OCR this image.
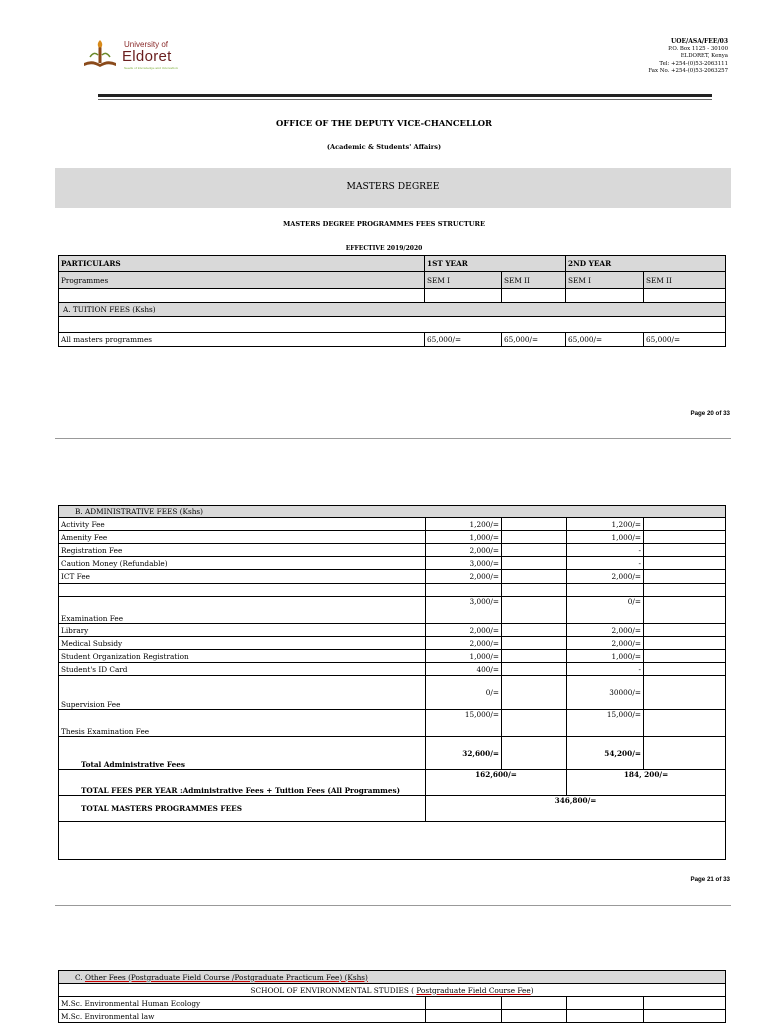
University of
Eldoret
Seeds of knowledge and innovation
UOE/ASA/FEE/03
P.O. Box 1125 - 30100
ELDORET, Kenya
Tel: +254-(0)53-2063111
Fax No. +254-(0)53-2063257
OFFICE OF THE DEPUTY VICE-CHANCELLOR
(Academic & Students' Affairs)
MASTERS DEGREE
MASTERS DEGREE PROGRAMMES FEES STRUCTURE
EFFECTIVE 2019/2020
PARTICULARS	1ST YEAR		2ND YEAR	
Programmes	SEM I	SEM II	SEM I	SEM II

A. TUITION FEES (Kshs)				

All masters programmes	65,000/=	65,000/=	65,000/=	65,000/=
Page 20 of 33
B. ADMINISTRATIVE FEES (Kshs)				
Activity Fee	1,200/=		1,200/=	
Amenity Fee	1,000/=		1,000/=	
Registration Fee	2,000/=		-	
Caution Money (Refundable)	3,000/=		-	
ICT Fee	2,000/=		2,000/=	

Examination Fee	3,000/=		0/=	
Library	2,000/=		2,000/=	
Medical Subsidy	2,000/=		2,000/=	
Student Organization Registration	1,000/=		1,000/=	
Student's ID Card	400/=		-	
Supervision Fee	0/=		30000/=	
Thesis Examination Fee	15,000/=		15,000/=	
Total Administrative Fees	32,600/=		54,200/=	
TOTAL FEES PER YEAR :Administrative Fees + Tuition Fees (All Programmes)	162,600/=		184, 200/=	
TOTAL MASTERS PROGRAMMES FEES	346,800/=			

Page 21 of 33
C. Other Fees (Postgraduate Field Course /Postgraduate Practicum Fee) (Kshs)				
SCHOOL OF ENVIRONMENTAL STUDIES ( Postgraduate Field Course Fee)				
M.Sc. Environmental Human Ecology				
M.Sc. Environmental law				
